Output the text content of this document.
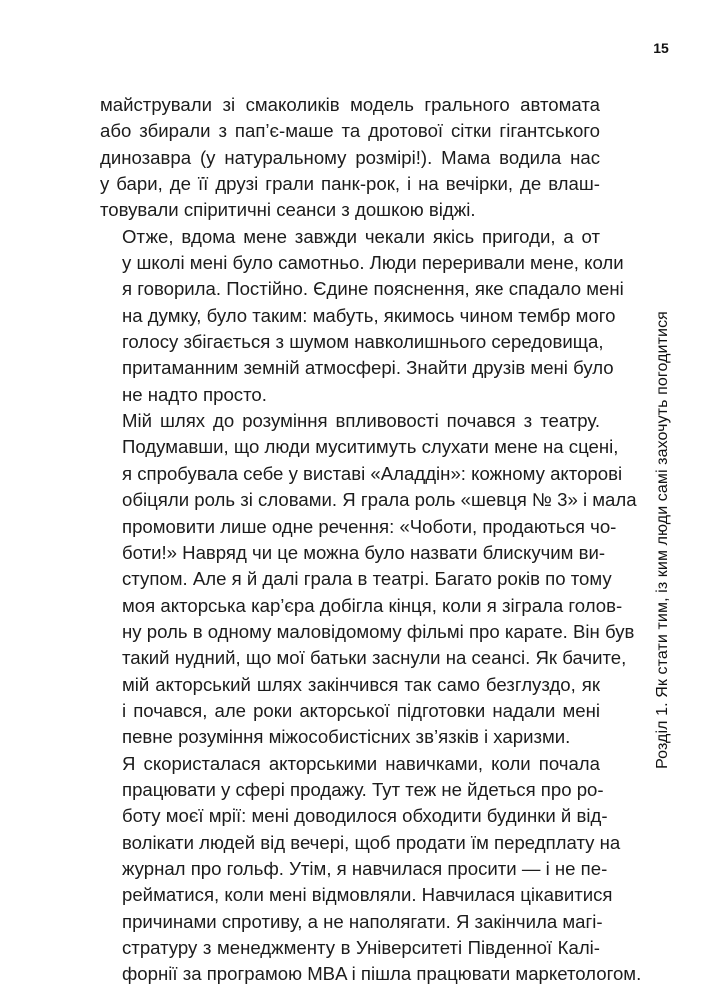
15
Розділ 1. Як стати тим, із ким люди самі захочуть погодитися

майстрували зі смаколиків модель грального автомата
або збирали з пап’є-маше та дротової сітки гігантського
динозавра (у натуральному розмірі!). Мама водила нас
у бари, де її друзі грали панк-рок, і на вечірки, де влаш-
товували спіритичні сеанси з дошкою віджі.

Отже, вдома мене завжди чекали якісь пригоди, а от
у школі мені було самотньо. Люди переривали мене, коли
я говорила. Постійно. Єдине пояснення, яке спадало мені
на думку, було таким: мабуть, якимось чином тембр мого
голосу збігається з шумом навколишнього середовища,
притаманним земній атмосфері. Знайти друзів мені було
не надто просто.

Мій шлях до розуміння впливовості почався з театру.
Подумавши, що люди муситимуть слухати мене на сцені,
я спробувала себе у виставі «Аладдін»: кожному акторові
обіцяли роль зі словами. Я грала роль «шевця № 3» і мала
промовити лише одне речення: «Чоботи, продаються чо-
боти!» Навряд чи це можна було назвати блискучим ви-
ступом. Але я й далі грала в театрі. Багато років по тому
моя акторська кар’єра добігла кінця, коли я зіграла голов-
ну роль в одному маловідомому фільмі про карате. Він був
такий нудний, що мої батьки заснули на сеансі. Як бачите,
мій акторський шлях закінчився так само безглуздо, як
і почався, але роки акторської підготовки надали мені
певне розуміння міжособистісних зв’язків і харизми.

Я скористалася акторськими навичками, коли почала
працювати у сфері продажу. Тут теж не йдеться про ро-
боту моєї мрії: мені доводилося обходити будинки й від-
волікати людей від вечері, щоб продати їм передплату на
журнал про гольф. Утім, я навчилася просити — і не пе-
рейматися, коли мені відмовляли. Навчилася цікавитися
причинами спротиву, а не наполягати. Я закінчила магі-
стратуру з менеджменту в Університеті Південної Калі-
форнії за програмою MBA і пішла працювати маркетологом.
